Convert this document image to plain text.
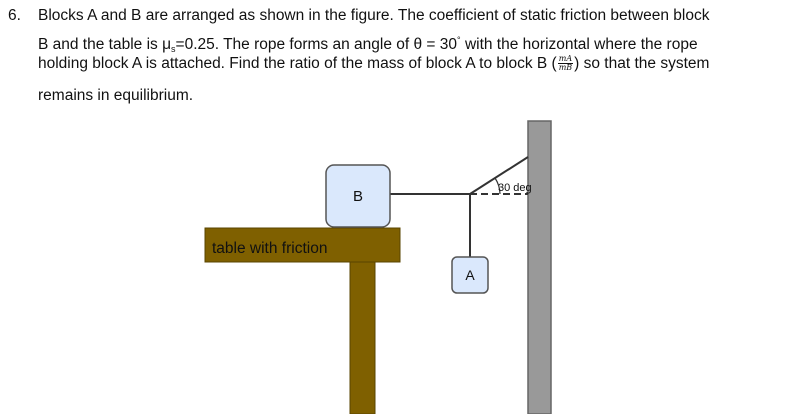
6. Blocks A and B are arranged as shown in the figure. The coefficient of static friction between block
B and the table is $\mu_s=0.25$. The rope forms an angle of θ = 30° with the horizontal where the rope
holding block A is attached. Find the ratio of the mass of block A to block B ( $\frac{mA}{mB}$ ) so that the system
remains in equilibrium.
table with friction
30 deg
B
A
